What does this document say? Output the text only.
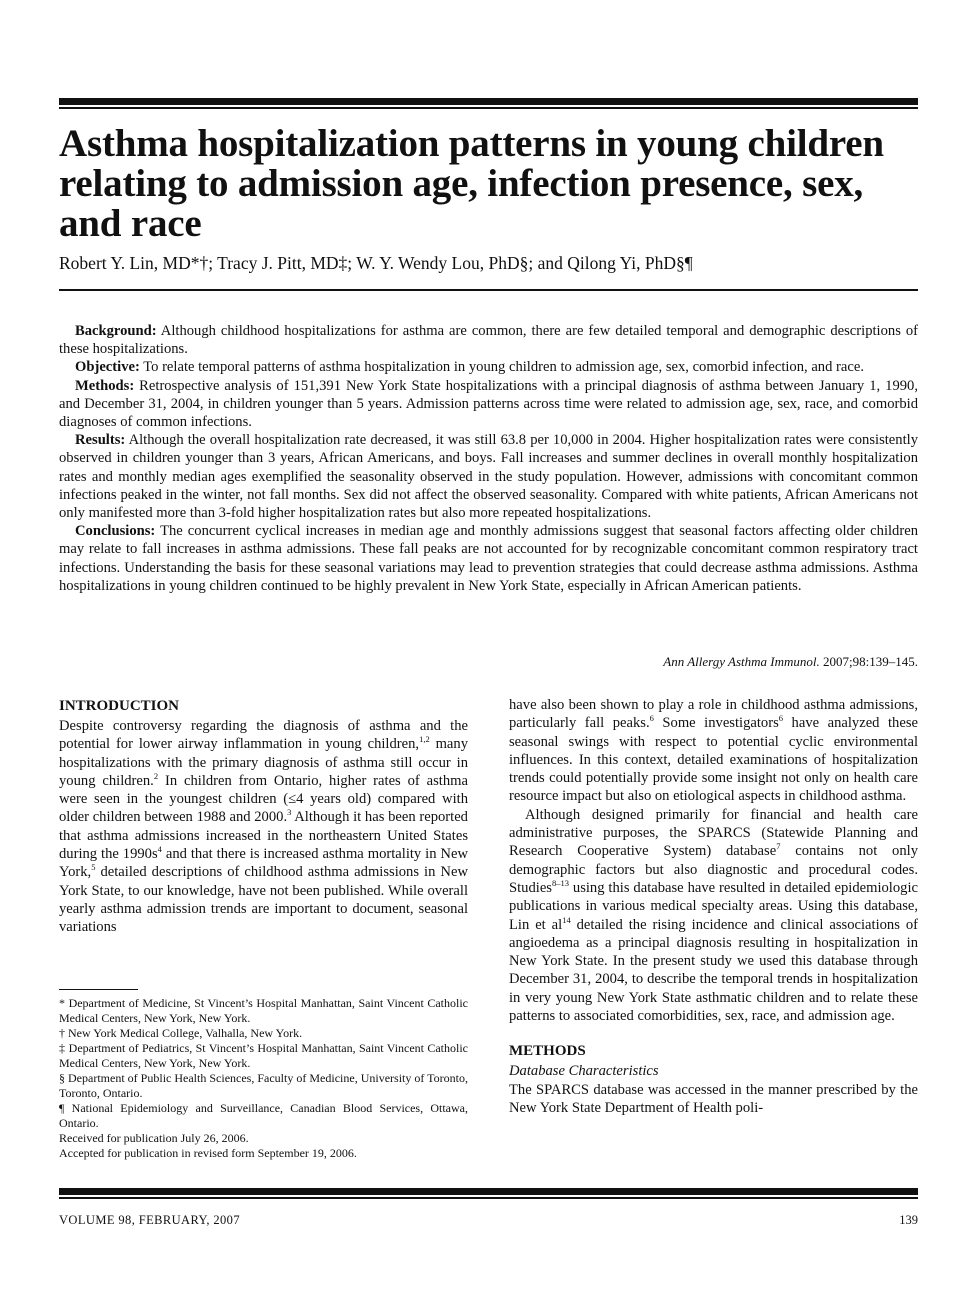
Asthma hospitalization patterns in young children relating to admission age, infection presence, sex, and race
Robert Y. Lin, MD*†; Tracy J. Pitt, MD‡; W. Y. Wendy Lou, PhD§; and Qilong Yi, PhD§¶

Background: Although childhood hospitalizations for asthma are common, there are few detailed temporal and demographic descriptions of these hospitalizations.

Objective: To relate temporal patterns of asthma hospitalization in young children to admission age, sex, comorbid infection, and race.

Methods: Retrospective analysis of 151,391 New York State hospitalizations with a principal diagnosis of asthma between January 1, 1990, and December 31, 2004, in children younger than 5 years. Admission patterns across time were related to admission age, sex, race, and comorbid diagnoses of common infections.

Results: Although the overall hospitalization rate decreased, it was still 63.8 per 10,000 in 2004. Higher hospitalization rates were consistently observed in children younger than 3 years, African Americans, and boys. Fall increases and summer declines in overall monthly hospitalization rates and monthly median ages exemplified the seasonality observed in the study population. However, admissions with concomitant common infections peaked in the winter, not fall months. Sex did not affect the observed seasonality. Compared with white patients, African Americans not only manifested more than 3-fold higher hospitalization rates but also more repeated hospitalizations.

Conclusions: The concurrent cyclical increases in median age and monthly admissions suggest that seasonal factors affecting older children may relate to fall increases in asthma admissions. These fall peaks are not accounted for by recognizable concomitant common respiratory tract infections. Understanding the basis for these seasonal variations may lead to prevention strategies that could decrease asthma admissions. Asthma hospitalizations in young children continued to be highly prevalent in New York State, especially in African American patients.

Ann Allergy Asthma Immunol. 2007;98:139–145.
INTRODUCTION

Despite controversy regarding the diagnosis of asthma and the potential for lower airway inflammation in young children,$^{1,2}$ many hospitalizations with the primary diagnosis of asthma still occur in young children.$^2$ In children from Ontario, higher rates of asthma were seen in the youngest children (≤4 years old) compared with older children between 1988 and 2000.$^3$ Although it has been reported that asthma admissions increased in the northeastern United States during the $1990s^4$ and that there is increased asthma mortality in New York,$^5$ detailed descriptions of childhood asthma admissions in New York State, to our knowledge, have not been published. While overall yearly asthma admission trends are important to document, seasonal variations

* Department of Medicine, St Vincent’s Hospital Manhattan, Saint Vincent Catholic Medical Centers, New York, New York.

† New York Medical College, Valhalla, New York.

‡ Department of Pediatrics, St Vincent’s Hospital Manhattan, Saint Vincent Catholic Medical Centers, New York, New York.

§ Department of Public Health Sciences, Faculty of Medicine, University of Toronto, Toronto, Ontario.

¶ National Epidemiology and Surveillance, Canadian Blood Services, Ottawa, Ontario.

Received for publication July 26, 2006.

Accepted for publication in revised form September 19, 2006.

have also been shown to play a role in childhood asthma admissions, particularly fall peaks.$^6$ Some investigators$^6$ have analyzed these seasonal swings with respect to potential cyclic environmental influences. In this context, detailed examinations of hospitalization trends could potentially provide some insight not only on health care resource impact but also on etiological aspects in childhood asthma.

Although designed primarily for financial and health care administrative purposes, the SPARCS (Statewide Planning and Research Cooperative System) database$^7$ contains not only demographic factors but also diagnostic and procedural codes. Studies$^{8-13}$ using this database have resulted in detailed epidemiologic publications in various medical specialty areas. Using this database, Lin et $al^{14}$ detailed the rising incidence and clinical associations of angioedema as a principal diagnosis resulting in hospitalization in New York State. In the present study we used this database through December 31, 2004, to describe the temporal trends in hospitalization in very young New York State asthmatic children and to relate these patterns to associated comorbidities, sex, race, and admission age.

METHODS
Database Characteristics

The SPARCS database was accessed in the manner prescribed by the New York State Department of Health poli-

VOLUME 98, FEBRUARY, 2007	139
